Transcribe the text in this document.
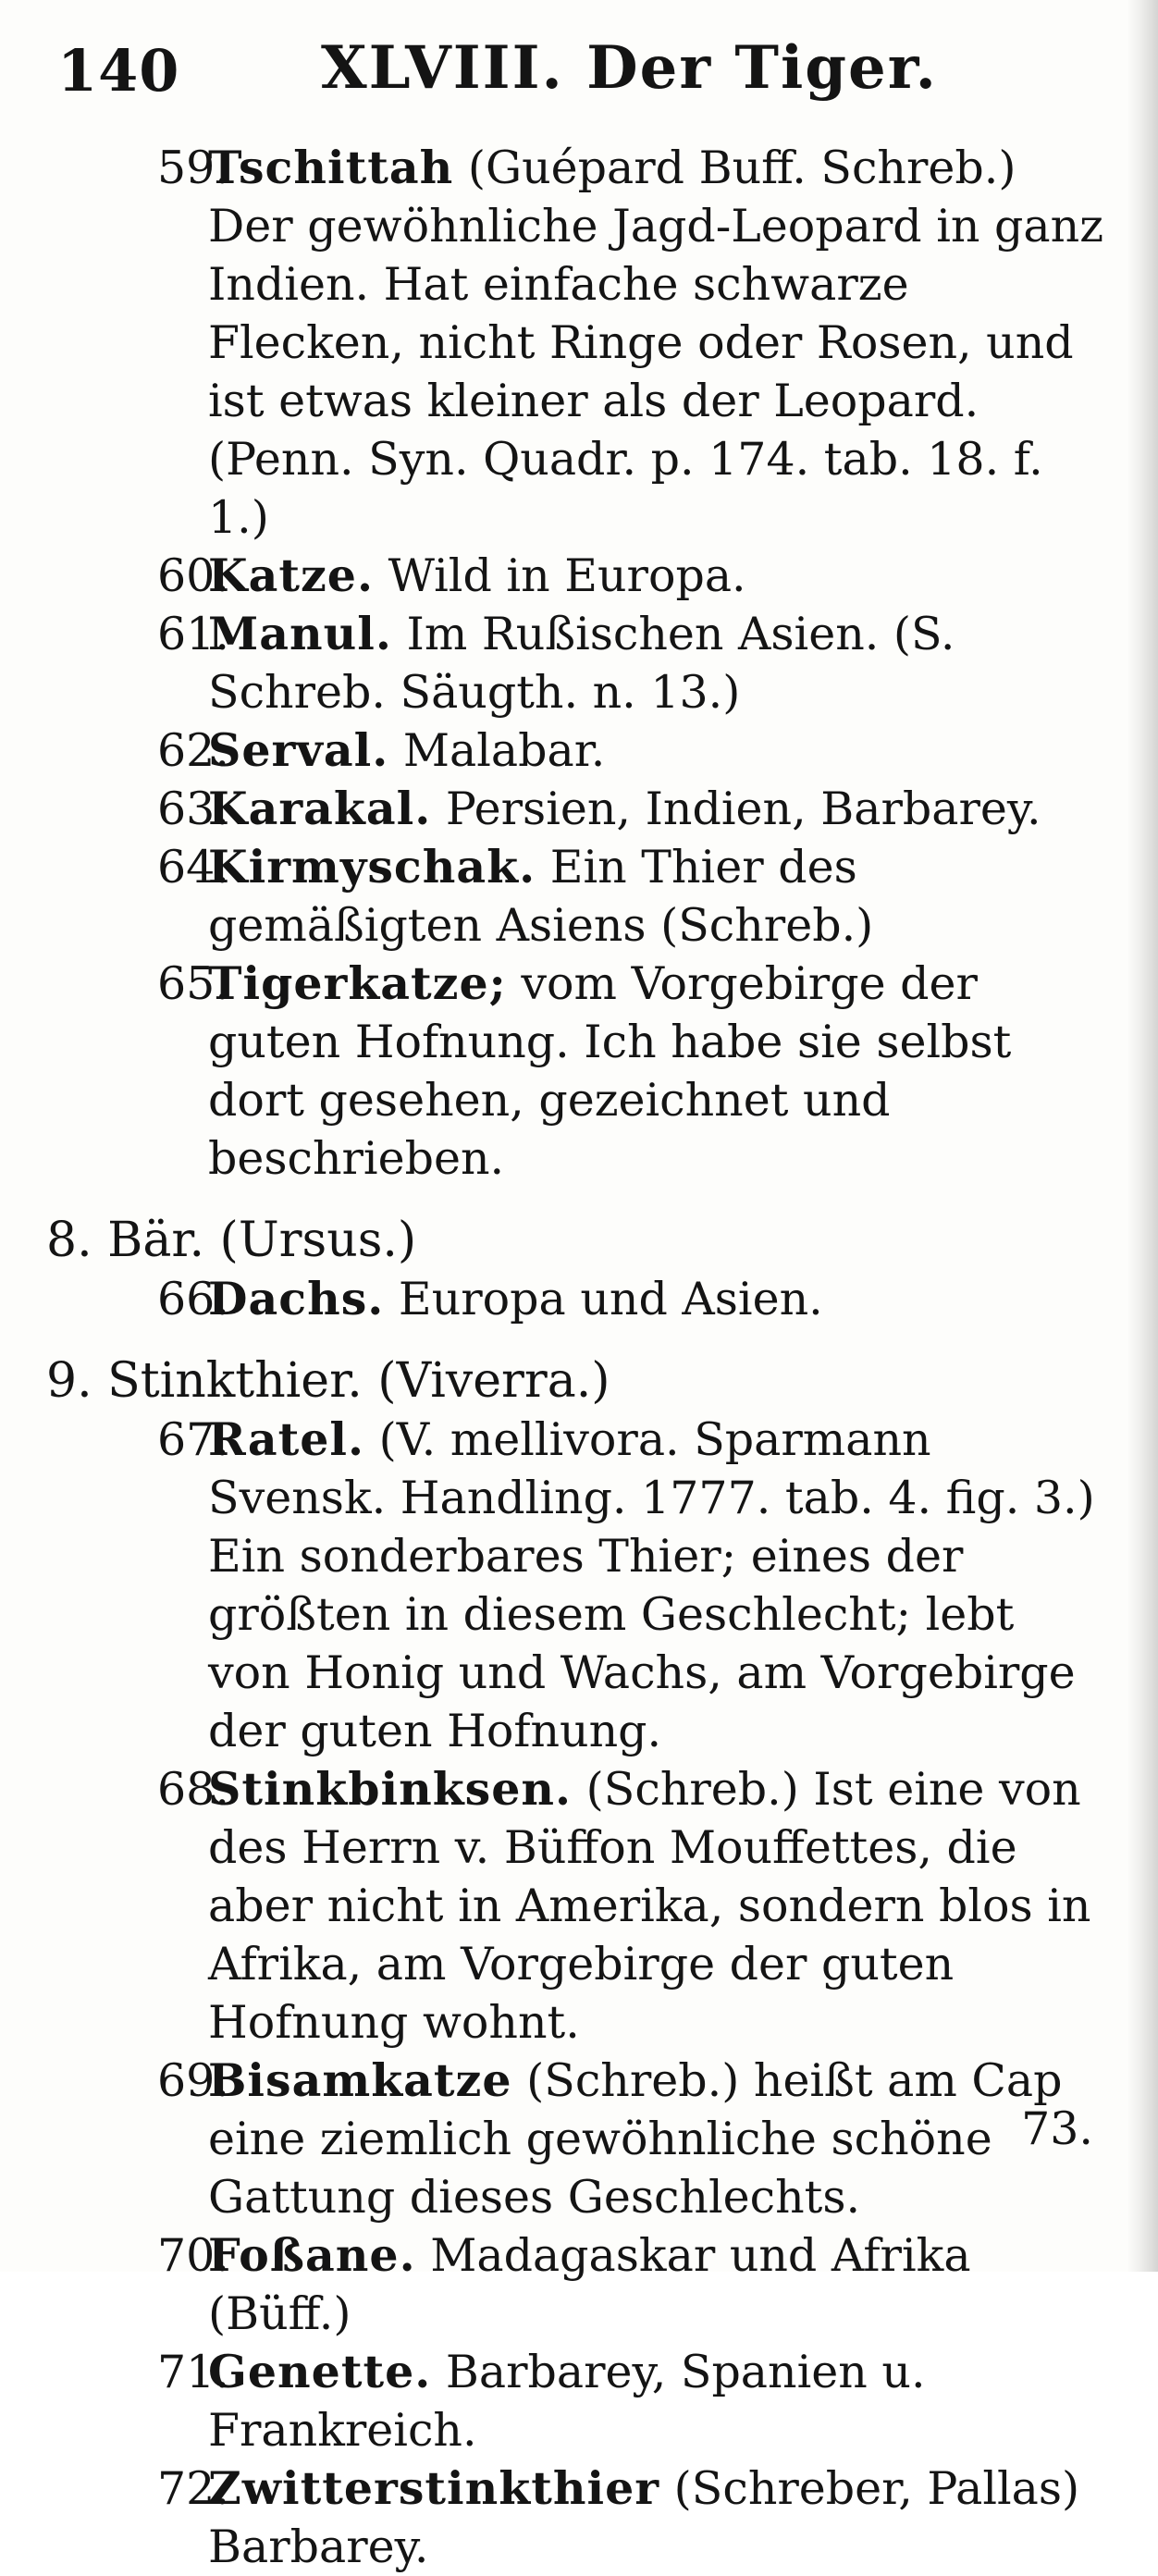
140 XLVIII. Der Tiger.

59.Tschittah (Guépard Buff. Schreb.) Der gewöhnliche Jagd-Leopard in ganz Indien. Hat einfache schwarze Flecken, nicht Ringe oder Rosen, und ist etwas kleiner als der Leopard. (Penn. Syn. Quadr. p. 174. tab. 18. f. 1.)

60.Katze. Wild in Europa.

61.Manul. Im Rußischen Asien. (S. Schreb. Säugth. n. 13.)

62.Serval. Malabar.

63.Karakal. Persien, Indien, Barbarey.

64.Kirmyschak. Ein Thier des gemäßigten Asiens (Schreb.)

65.Tigerkatze; vom Vorgebirge der guten Hofnung. Ich habe sie selbst dort gesehen, gezeichnet und beschrieben.

8. Bär. (Ursus.)

66.Dachs. Europa und Asien.

9. Stinkthier. (Viverra.)

67.Ratel. (V. mellivora. Sparmann Svensk. Handling. 1777. tab. 4. fig. 3.) Ein sonderbares Thier; eines der größten in diesem Geschlecht; lebt von Honig und Wachs, am Vorgebirge der guten Hofnung.

68.Stinkbinksen. (Schreb.) Ist eine von des Herrn v. Büffon Mouffettes, die aber nicht in Amerika, sondern blos in Afrika, am Vorgebirge der guten Hofnung wohnt.

69.Bisamkatze (Schreb.) heißt am Cap eine ziemlich gewöhnliche schöne Gattung dieses Geschlechts.

70.Foßane. Madagaskar und Afrika (Büff.)

71.Genette. Barbarey, Spanien u. Frankreich.

72.Zwitterstinkthier (Schreber, Pallas) Barbarey.

73.
